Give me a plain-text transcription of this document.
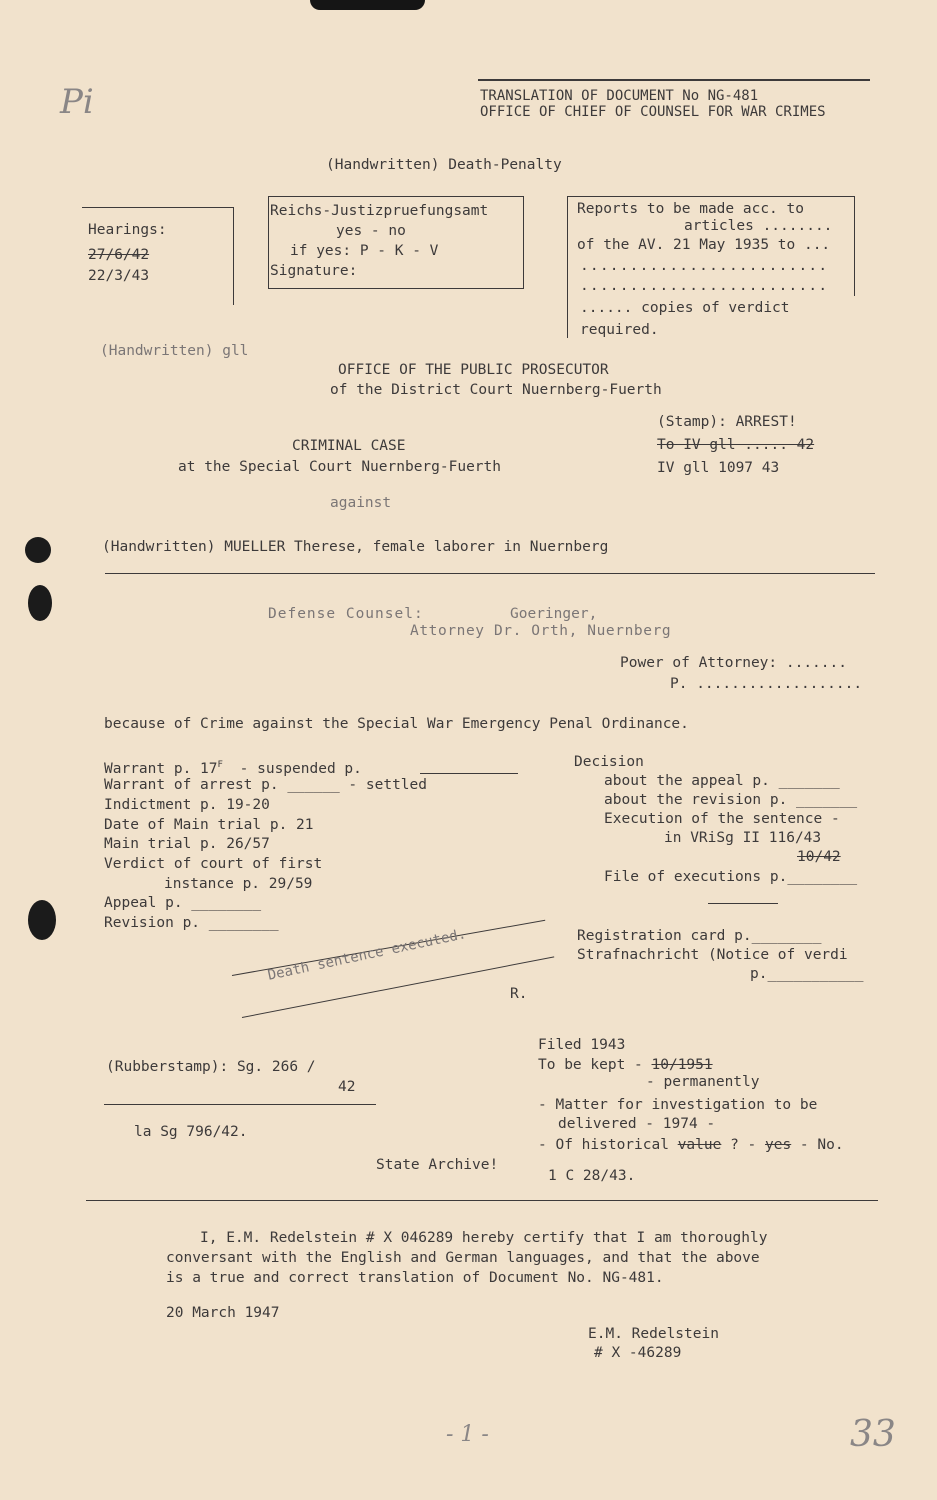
TRANSLATION OF DOCUMENT No NG-481
OFFICE OF CHIEF OF COUNSEL FOR WAR CRIMES
Pi
(Handwritten) Death-Penalty
Hearings:
27/6/42
22/3/43
Reichs-Justizpruefungsamt
yes - no
if yes: P - K - V
Signature:
Reports to be made acc. to
articles ........
of the AV. 21 May 1935 to ...
.........................
.........................
...... copies of verdict
required.
(Handwritten) gll
OFFICE OF THE PUBLIC PROSECUTOR
of the District Court Nuernberg-Fuerth
(Stamp): ARREST!
To IV gll ..... 42
IV gll 1097 43
CRIMINAL CASE
at the Special Court Nuernberg-Fuerth
against
(Handwritten) MUELLER Therese, female laborer in Nuernberg
Defense Counsel:	Goeringer,
Attorney Dr. Orth, Nuernberg
Power of Attorney: .......
P. ...................
because of Crime against the Special War Emergency Penal Ordinance.
Warrant p. $17^F$ - suspended p.
Warrant of arrest p. ______ - settled
Indictment p. 19-20
Date of Main trial p. 21
Main trial p. 26/57
Verdict of court of first
instance p. 29/59
Appeal p. ________
Revision p. ________
Decision
about the appeal p. _______
about the revision p. _______
Execution of the sentence -
in VRiSg II 116/43
10/42
File of executions p.________
Registration card p.________
Strafnachricht (Notice of verdi
p.___________
Death sentence executed.
R.
(Rubberstamp): Sg. 266 /
42
la Sg 796/42.
State Archive!
Filed 1943
To be kept - 10/1951
- permanently
- Matter for investigation to be
delivered - 1974 -
- Of historical value ? - yes - No.
1 C 28/43.
I, E.M. Redelstein # X 046289 hereby certify that I am thoroughly
conversant with the English and German languages, and that the above
is a true and correct translation of Document No. NG-481.
20 March 1947
E.M. Redelstein
# X -46289
- 1 -	33
